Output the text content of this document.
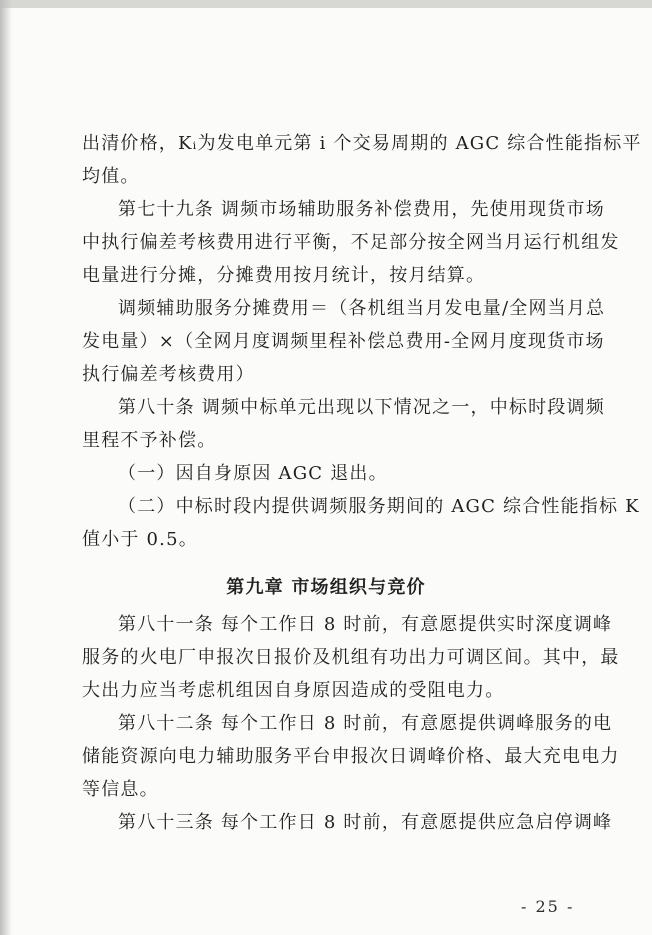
出清价格，Kᵢ为发电单元第 i 个交易周期的 AGC 综合性能指标平
均值。
第七十九条 调频市场辅助服务补偿费用，先使用现货市场
中执行偏差考核费用进行平衡，不足部分按全网当月运行机组发
电量进行分摊，分摊费用按月统计，按月结算。
调频辅助服务分摊费用＝（各机组当月发电量/全网当月总
发电量）×（全网月度调频里程补偿总费用-全网月度现货市场
执行偏差考核费用）
第八十条 调频中标单元出现以下情况之一，中标时段调频
里程不予补偿。
（一）因自身原因 AGC 退出。
（二）中标时段内提供调频服务期间的 AGC 综合性能指标 K
值小于 0.5。
第九章 市场组织与竞价
第八十一条 每个工作日 8 时前，有意愿提供实时深度调峰
服务的火电厂申报次日报价及机组有功出力可调区间。其中，最
大出力应当考虑机组因自身原因造成的受阻电力。
第八十二条 每个工作日 8 时前，有意愿提供调峰服务的电
储能资源向电力辅助服务平台申报次日调峰价格、最大充电电力
等信息。
第八十三条 每个工作日 8 时前，有意愿提供应急启停调峰
- 25 -
